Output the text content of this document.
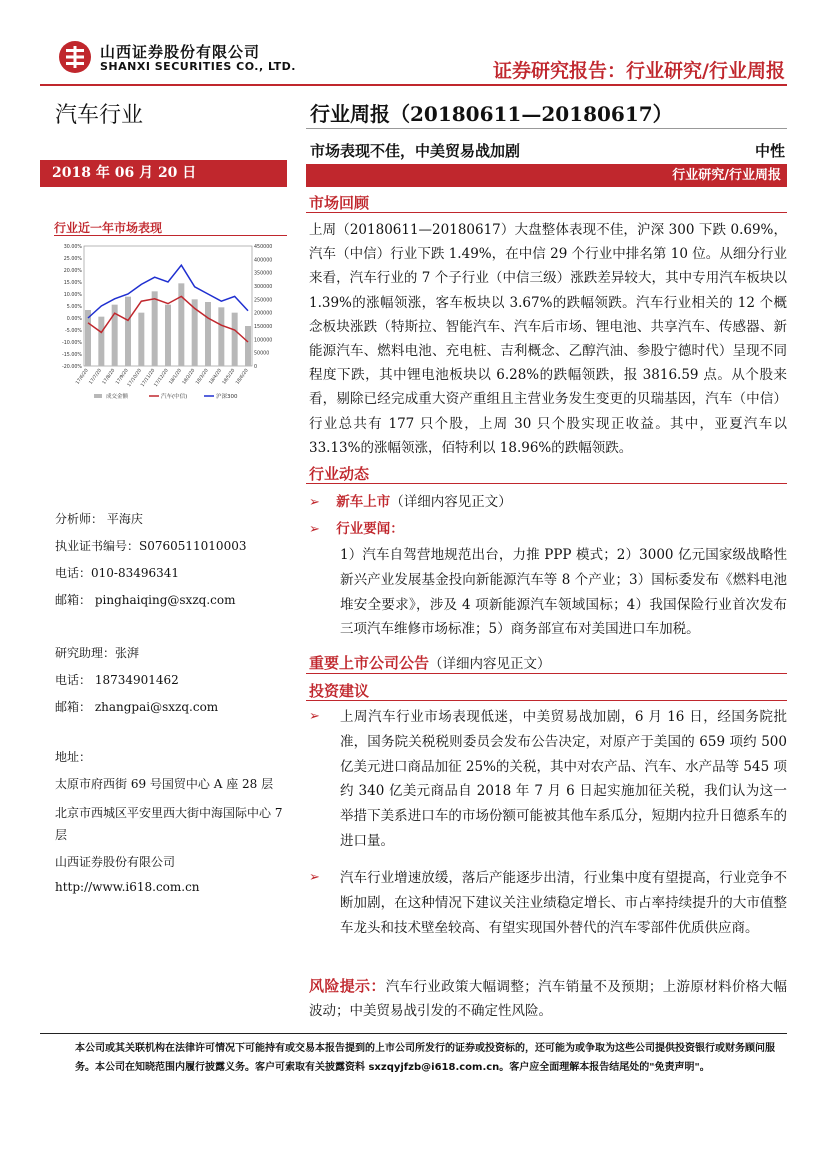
山西证券股份有限公司
SHANXI SECURITIES CO., LTD.	证券研究报告：行业研究/行业周报
汽车行业	行业周报（20180611—20180617）
市场表现不佳，中美贸易战加剧	中性
2018 年 06 月 20 日	行业研究/行业周报
行业近一年市场表现
30.00%
25.00%
20.00%
15.00%
10.00%
5.00%
0.00%
-5.00%
-10.00%
-15.00%
-20.00%
450000
400000
350000
300000
250000
200000
150000
100000
50000
0
17/6/20 17/7/20 17/8/20 17/9/20
17/10/20
17/11/20
17/12/20 18/1/20 18/2/20 18/3/20 18/4/20 18/5/20 18/6/20
成交金额	汽车(中信)	沪深300
分析师： 平海庆
执业证书编号：S0760511010003
电话：010-83496341
邮箱： pinghaiqing@sxzq.com
研究助理：张湃
电话： 18734901462
邮箱： zhangpai@sxzq.com
地址：
太原市府西街 69 号国贸中心 A 座 28 层
北京市西城区平安里西大街中海国际中心 7 层
山西证券股份有限公司
http://www.i618.com.cn
市场回顾
上周（20180611—20180617）大盘整体表现不佳，沪深 300 下跌 0.69%，汽车（中信）行业下跌 1.49%，在中信 29 个行业中排名第 10 位。从细分行业来看，汽车行业的 7 个子行业（中信三级）涨跌差异较大，其中专用汽车板块以 1.39%的涨幅领涨，客车板块以 3.67%的跌幅领跌。汽车行业相关的 12 个概念板块涨跌（特斯拉、智能汽车、汽车后市场、锂电池、共享汽车、传感器、新能源汽车、燃料电池、充电桩、吉利概念、乙醇汽油、参股宁德时代）呈现不同程度下跌，其中锂电池板块以 6.28%的跌幅领跌，报 3816.59 点。从个股来看，剔除已经完成重大资产重组且主营业务发生变更的贝瑞基因，汽车（中信）行业总共有 177 只个股，上周 30 只个股实现正收益。其中，亚夏汽车以 33.13%的涨幅领涨，佰特利以 18.96%的跌幅领跌。
行业动态
➢ 新车上市（详细内容见正文）
➢ 行业要闻：
1）汽车自驾营地规范出台，力推 PPP 模式；2）3000 亿元国家级战略性新兴产业发展基金投向新能源汽车等 8 个产业；3）国标委发布《燃料电池堆安全要求》，涉及 4 项新能源汽车领域国标；4）我国保险行业首次发布三项汽车维修市场标准；5）商务部宣布对美国进口车加税。
重要上市公司公告（详细内容见正文）
投资建议
➢ 上周汽车行业市场表现低迷，中美贸易战加剧，6 月 16 日，经国务院批准，国务院关税税则委员会发布公告决定，对原产于美国的 659 项约 500 亿美元进口商品加征 25%的关税，其中对农产品、汽车、水产品等 545 项约 340 亿美元商品自 2018 年 7 月 6 日起实施加征关税，我们认为这一举措下美系进口车的市场份额可能被其他车系瓜分，短期内拉升日德系车的进口量。
➢ 汽车行业增速放缓，落后产能逐步出清，行业集中度有望提高，行业竞争不断加剧，在这种情况下建议关注业绩稳定增长、市占率持续提升的大市值整车龙头和技术壁垒较高、有望实现国外替代的汽车零部件优质供应商。
风险提示：汽车行业政策大幅调整；汽车销量不及预期；上游原材料价格大幅波动；中美贸易战引发的不确定性风险。
本公司或其关联机构在法律许可情况下可能持有或交易本报告提到的上市公司所发行的证券或投资标的，还可能为或争取为这些公司提供投资银行或财务顾问服务。本公司在知晓范围内履行披露义务。客户可索取有关披露资料 sxzqyjfzb@i618.com.cn。客户应全面理解本报告结尾处的"免责声明"。
